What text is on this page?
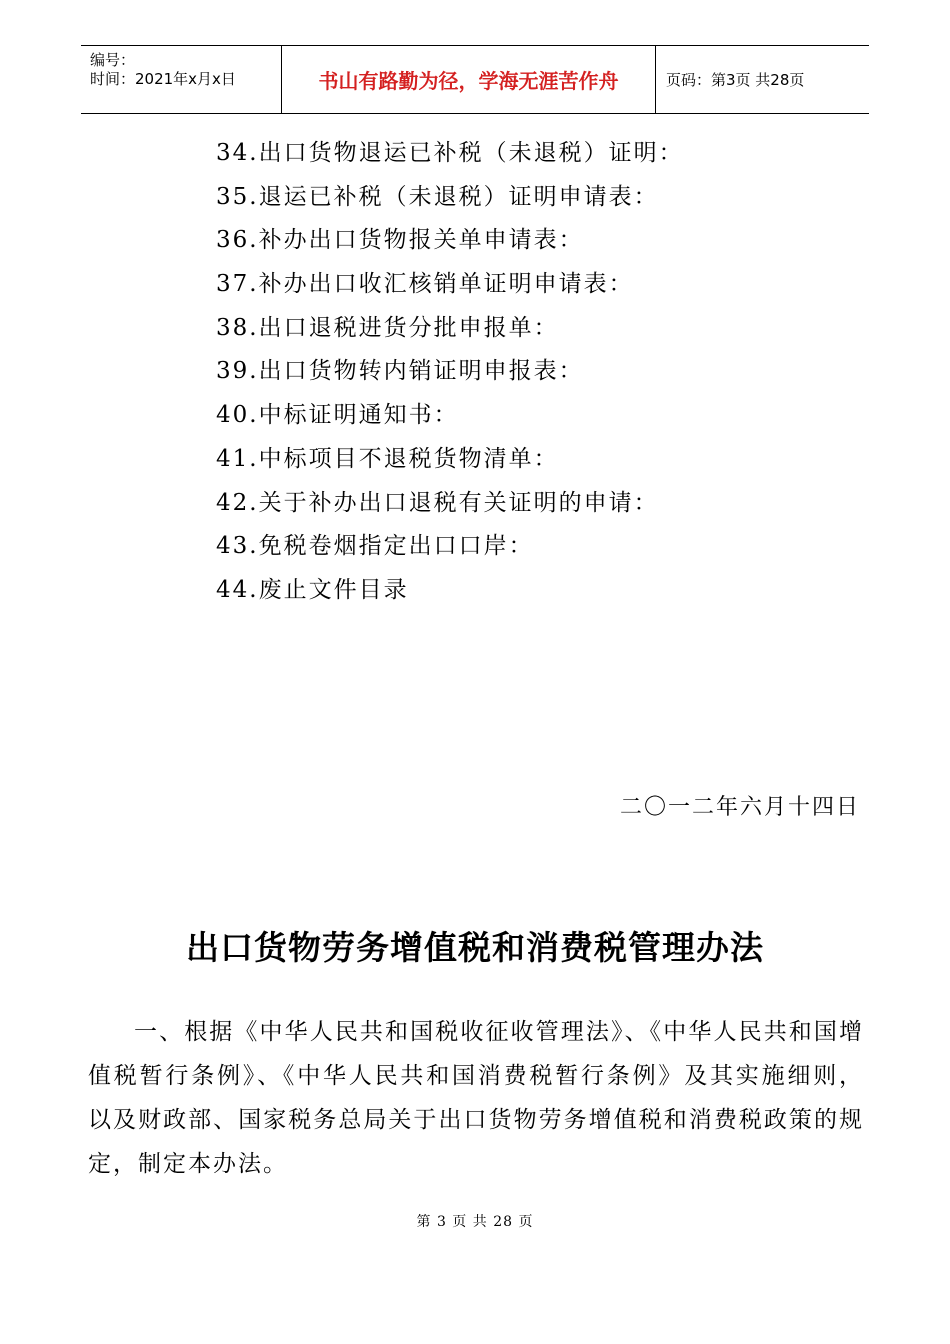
编号：
时间：2021年x月x日	书山有路勤为径，学海无涯苦作舟	页码：第3页 共28页
34.出口货物退运已补税（未退税）证明：
35.退运已补税（未退税）证明申请表：
36.补办出口货物报关单申请表：
37.补办出口收汇核销单证明申请表：
38.出口退税进货分批申报单：
39.出口货物转内销证明申报表：
40.中标证明通知书：
41.中标项目不退税货物清单：
42.关于补办出口退税有关证明的申请：
43.免税卷烟指定出口口岸：
44.废止文件目录
二〇一二年六月十四日
出口货物劳务增值税和消费税管理办法

一、根据《中华人民共和国税收征收管理法》、《中华人民共和国增值税暂行条例》、《中华人民共和国消费税暂行条例》及其实施细则，以及财政部、国家税务总局关于出口货物劳务增值税和消费税政策的规定，制定本办法。

第 3 页 共 28 页
